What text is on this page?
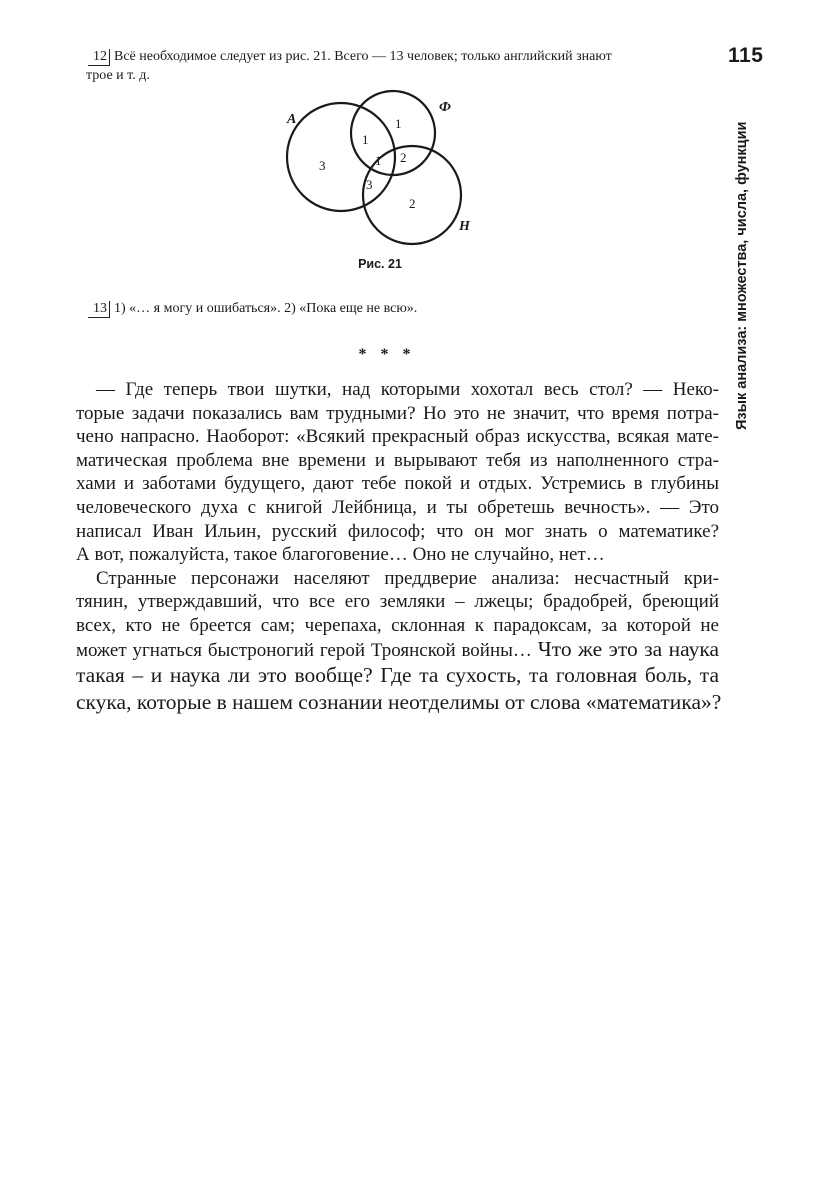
115
Язык анализа: множества, числа, функции
12 Всё необходимое следует из рис. 21. Всего — 13 человек; только английский знают
трое и т. д.
А
Ф
Н
3
1
2
1
2
3
1
Рис. 21
13 1) «… я могу и ошибаться». 2) «Пока еще не всю».
* * *

— Где теперь твои шутки, над которыми хохотал весь стол? — Неко-
торые задачи показались вам трудными? Но это не значит, что время потра-
чено напрасно. Наоборот: «Всякий прекрасный образ искусства, всякая мате-
матическая проблема вне времени и вырывают тебя из наполненного стра-
хами и заботами будущего, дают тебе покой и отдых. Устремись в глубины
человеческого духа с книгой Лейбница, и ты обретешь вечность». — Это
написал Иван Ильин, русский философ; что он мог знать о математике?
А вот, пожалуйста, такое благоговение… Оно не случайно, нет…

Странные персонажи населяют преддверие анализа: несчастный кри-
тянин, утверждавший, что все его земляки – лжецы; брадобрей, бреющий
всех, кто не бреется сам; черепаха, склонная к парадоксам, за которой не
может угнаться быстроногий герой Троянской войны… Что же это за наука
такая – и наука ли это вообще? Где та сухость, та головная боль, та
скука, которые в нашем сознании неотделимы от слова «математика»?
